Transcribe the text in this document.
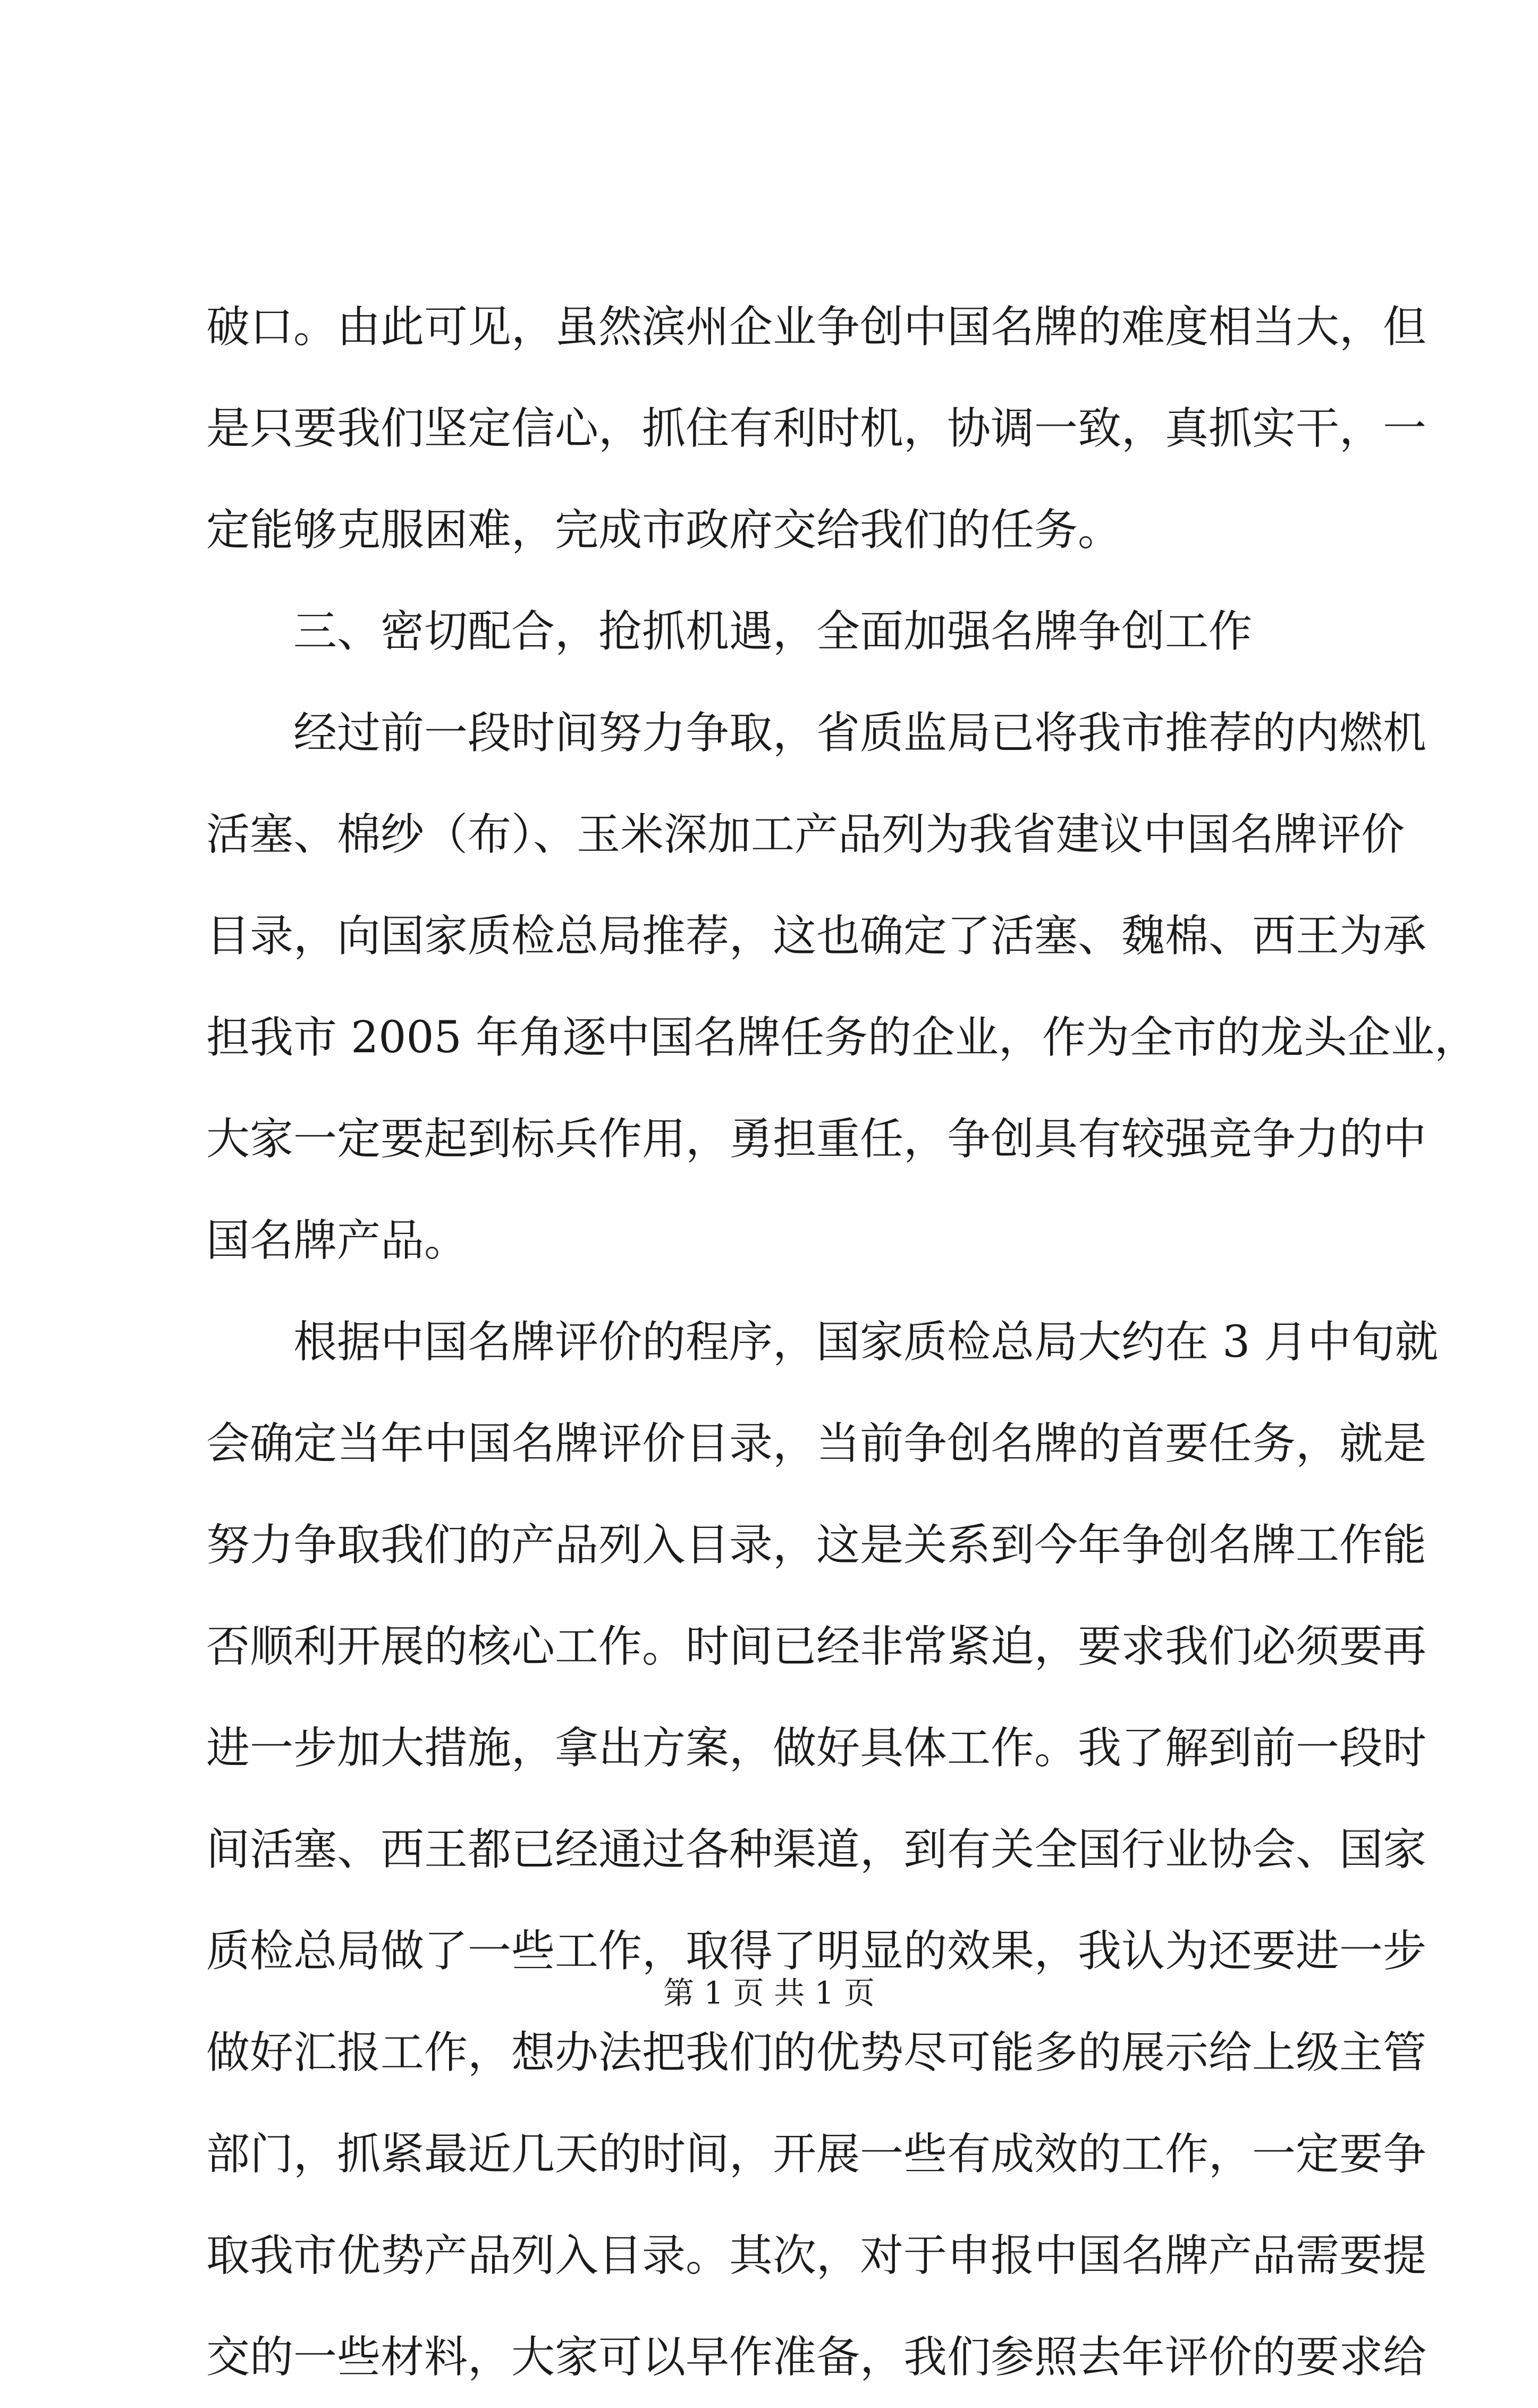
破口。由此可见，虽然滨州企业争创中国名牌的难度相当大，但
是只要我们坚定信心，抓住有利时机，协调一致，真抓实干，一
定能够克服困难，完成市政府交给我们的任务。
三、密切配合，抢抓机遇，全面加强名牌争创工作
经过前一段时间努力争取，省质监局已将我市推荐的内燃机
活塞、棉纱（布）、玉米深加工产品列为我省建议中国名牌评价
目录，向国家质检总局推荐，这也确定了活塞、魏棉、西王为承
担我市 2005 年角逐中国名牌任务的企业，作为全市的龙头企业，
大家一定要起到标兵作用，勇担重任，争创具有较强竞争力的中
国名牌产品。
根据中国名牌评价的程序，国家质检总局大约在 3 月中旬就
会确定当年中国名牌评价目录，当前争创名牌的首要任务，就是
努力争取我们的产品列入目录，这是关系到今年争创名牌工作能
否顺利开展的核心工作。时间已经非常紧迫，要求我们必须要再
进一步加大措施，拿出方案，做好具体工作。我了解到前一段时
间活塞、西王都已经通过各种渠道，到有关全国行业协会、国家
质检总局做了一些工作，取得了明显的效果，我认为还要进一步
做好汇报工作，想办法把我们的优势尽可能多的展示给上级主管
部门，抓紧最近几天的时间，开展一些有成效的工作，一定要争
取我市优势产品列入目录。其次，对于申报中国名牌产品需要提
交的一些材料，大家可以早作准备，我们参照去年评价的要求给
第 1 页 共 1 页
